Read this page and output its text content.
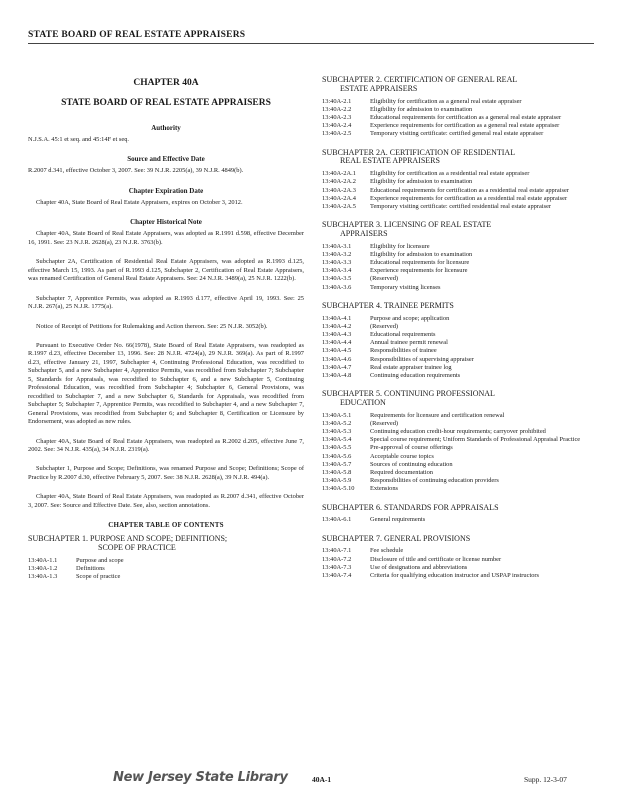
STATE BOARD OF REAL ESTATE APPRAISERS
CHAPTER 40A
STATE BOARD OF REAL ESTATE APPRAISERS
Authority

N.J.S.A. 45:1 et seq. and 45:14F et seq.

Source and Effective Date

R.2007 d.341, effective October 3, 2007. See: 39 N.J.R. 2205(a), 39 N.J.R. 4849(b).

Chapter Expiration Date

Chapter 40A, State Board of Real Estate Appraisers, expires on October 3, 2012.

Chapter Historical Note

Chapter 40A, State Board of Real Estate Appraisers, was adopted as R.1991 d.598, effective December 16, 1991. See: 23 N.J.R. 2628(a), 23 N.J.R. 3763(b).

Subchapter 2A, Certification of Residential Real Estate Appraisers, was adopted as R.1993 d.125, effective March 15, 1993. As part of R.1993 d.125, Subchapter 2, Certification of Real Estate Appraisers, was renamed Certification of General Real Estate Appraisers. See: 24 N.J.R. 3489(a), 25 N.J.R. 1222(b).

Subchapter 7, Apprentice Permits, was adopted as R.1993 d.177, effective April 19, 1993. See: 25 N.J.R. 267(a), 25 N.J.R. 1775(a).

Notice of Receipt of Petitions for Rulemaking and Action thereon. See: 25 N.J.R. 3052(b).

Pursuant to Executive Order No. 66(1978), State Board of Real Estate Appraisers, was readopted as R.1997 d.23, effective December 13, 1996. See: 28 N.J.R. 4724(a), 29 N.J.R. 369(a). As part of R.1997 d.23, effective January 21, 1997, Subchapter 4, Continuing Professional Education, was recodified to Subchapter 5, and a new Subchapter 4, Apprentice Permits, was recodified from Subchapter 7; Subchapter 5, Standards for Appraisals, was recodified to Subchapter 6, and a new Subchapter 5, Continuing Professional Education, was recodified from Subchapter 4; Subchapter 6, General Provisions, was recodified to Subchapter 7, and a new Subchapter 6, Standards for Appraisals, was recodified from Subchapter 5; Subchapter 7, Apprentice Permits, was recodified to Subchapter 4, and a new Subchapter 7, General Provisions, was recodified from Subchapter 6; and Subchapter 8, Certification or Licensure by Endorsement, was adopted as new rules.

Chapter 40A, State Board of Real Estate Appraisers, was readopted as R.2002 d.205, effective June 7, 2002. See: 34 N.J.R. 435(a), 34 N.J.R. 2319(a).

Subchapter 1, Purpose and Scope; Definitions, was renamed Purpose and Scope; Definitions; Scope of Practice by R.2007 d.30, effective February 5, 2007. See: 38 N.J.R. 2628(a), 39 N.J.R. 494(a).

Chapter 40A, State Board of Real Estate Appraisers, was readopted as R.2007 d.341, effective October 3, 2007. See: Source and Effective Date. See, also, section annotations.

CHAPTER TABLE OF CONTENTS
SUBCHAPTER 1. PURPOSE AND SCOPE; DEFINITIONS;
SCOPE OF PRACTICE
13:40A-1.1	Purpose and scope
13:40A-1.2	Definitions
13:40A-1.3	Scope of practice
SUBCHAPTER 2. CERTIFICATION OF GENERAL REAL
ESTATE APPRAISERS
13:40A-2.1	Eligibility for certification as a general real estate appraiser
13:40A-2.2	Eligibility for admission to examination
13:40A-2.3	Educational requirements for certification as a general real estate appraiser
13:40A-2.4	Experience requirements for certification as a general real estate appraiser
13:40A-2.5	Temporary visiting certificate: certified general real estate appraiser
SUBCHAPTER 2A. CERTIFICATION OF RESIDENTIAL
REAL ESTATE APPRAISERS
13:40A-2A.1	Eligibility for certification as a residential real estate appraiser
13:40A-2A.2	Eligibility for admission to examination
13:40A-2A.3	Educational requirements for certification as a residential real estate appraiser
13:40A-2A.4	Experience requirements for certification as a residential real estate appraiser
13:40A-2A.5	Temporary visiting certificate: certified residential real estate appraiser
SUBCHAPTER 3. LICENSING OF REAL ESTATE
APPRAISERS
13:40A-3.1	Eligibility for licensure
13:40A-3.2	Eligibility for admission to examination
13:40A-3.3	Educational requirements for licensure
13:40A-3.4	Experience requirements for licensure
13:40A-3.5	(Reserved)
13:40A-3.6	Temporary visiting licenses
SUBCHAPTER 4. TRAINEE PERMITS
13:40A-4.1	Purpose and scope; application
13:40A-4.2	(Reserved)
13:40A-4.3	Educational requirements
13:40A-4.4	Annual trainee permit renewal
13:40A-4.5	Responsibilities of trainee
13:40A-4.6	Responsibilities of supervising appraiser
13:40A-4.7	Real estate appraiser trainee log
13:40A-4.8	Continuing education requirements
SUBCHAPTER 5. CONTINUING PROFESSIONAL
EDUCATION
13:40A-5.1	Requirements for licensure and certification renewal
13:40A-5.2	(Reserved)
13:40A-5.3	Continuing education credit-hour requirements; carryover prohibited
13:40A-5.4	Special course requirement; Uniform Standards of Professional Appraisal Practice
13:40A-5.5	Pre-approval of course offerings
13:40A-5.6	Acceptable course topics
13:40A-5.7	Sources of continuing education
13:40A-5.8	Required documentation
13:40A-5.9	Responsibilities of continuing education providers
13:40A-5.10	Extensions
SUBCHAPTER 6. STANDARDS FOR APPRAISALS
13:40A-6.1	General requirements
SUBCHAPTER 7. GENERAL PROVISIONS
13:40A-7.1	Fee schedule
13:40A-7.2	Disclosure of title and certificate or license number
13:40A-7.3	Use of designations and abbreviations
13:40A-7.4	Criteria for qualifying education instructor and USPAP instructors
New Jersey State Library	40A-1	Supp. 12-3-07
